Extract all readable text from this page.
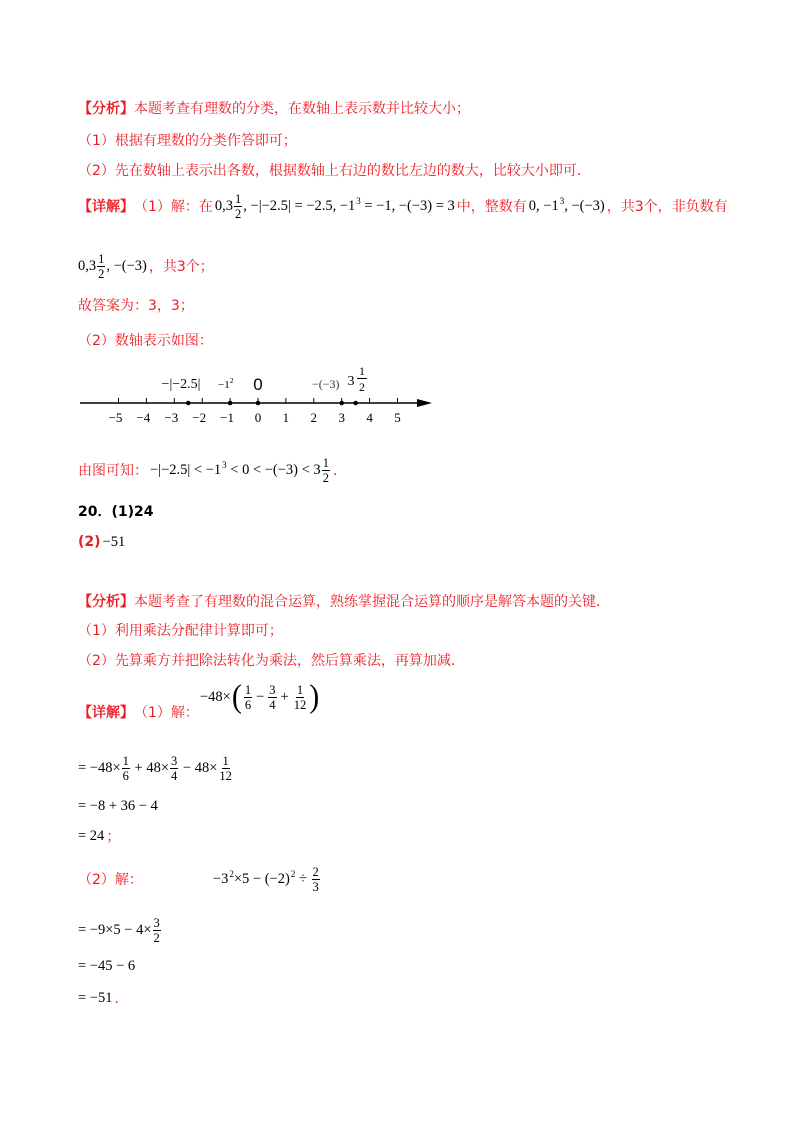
【分析】 本题考查有理数的分类，在数轴上表示数并比较大小；
（1）根据有理数的分类作答即可；
（2）先在数轴上表示出各数，根据数轴上右边的数比左边的数大，比较大小即可．
【详解】 （1）解：在 $0,3 \frac{1}{2}$ , −|−2.5| = −2.5, −1 3 = −1, −(−3) = 3 中，整数有 0, −1 3 , −(−3) ，共3个，非负数有
$0,3 \frac{1}{2}$ , −(−3) ，共3个；
故答案为：3，3；
（2）数轴表示如图：
$-|-2.5| -1^2$ 0	−(−3) 3
1
2
−5 −4 −3 −2 −1 0 1 2 3 4 5
由图可知： −|−2.5| < −1 $3 < 0 < -(-3) < 3 \frac{1}{2}$ ．
20．(1)24
(2) −51
【分析】 本题考查了有理数的混合运算，熟练掌握混合运算的顺序是解答本题的关键．
（1）利用乘法分配律计算即可；
（2）先算乘方并把除法转化为乘法，然后算乘法，再算加减．
【详解】 （1）解：
−48× ( $\frac{1}{6} - \frac{3}{4} + \frac{1}{12}$ )
= $-48\times \frac{1}{6} + 48\times \frac{3}{4} - 48\times \frac{1}{12}$
= −8 + 36 − 4
= 24 ；
（2）解：	−3 2 ×5 − (−2) $2 \div \frac{2}{3}$
= $-9\times 5 - 4\times \frac{3}{2}$
= −45 − 6
= −51 ．
